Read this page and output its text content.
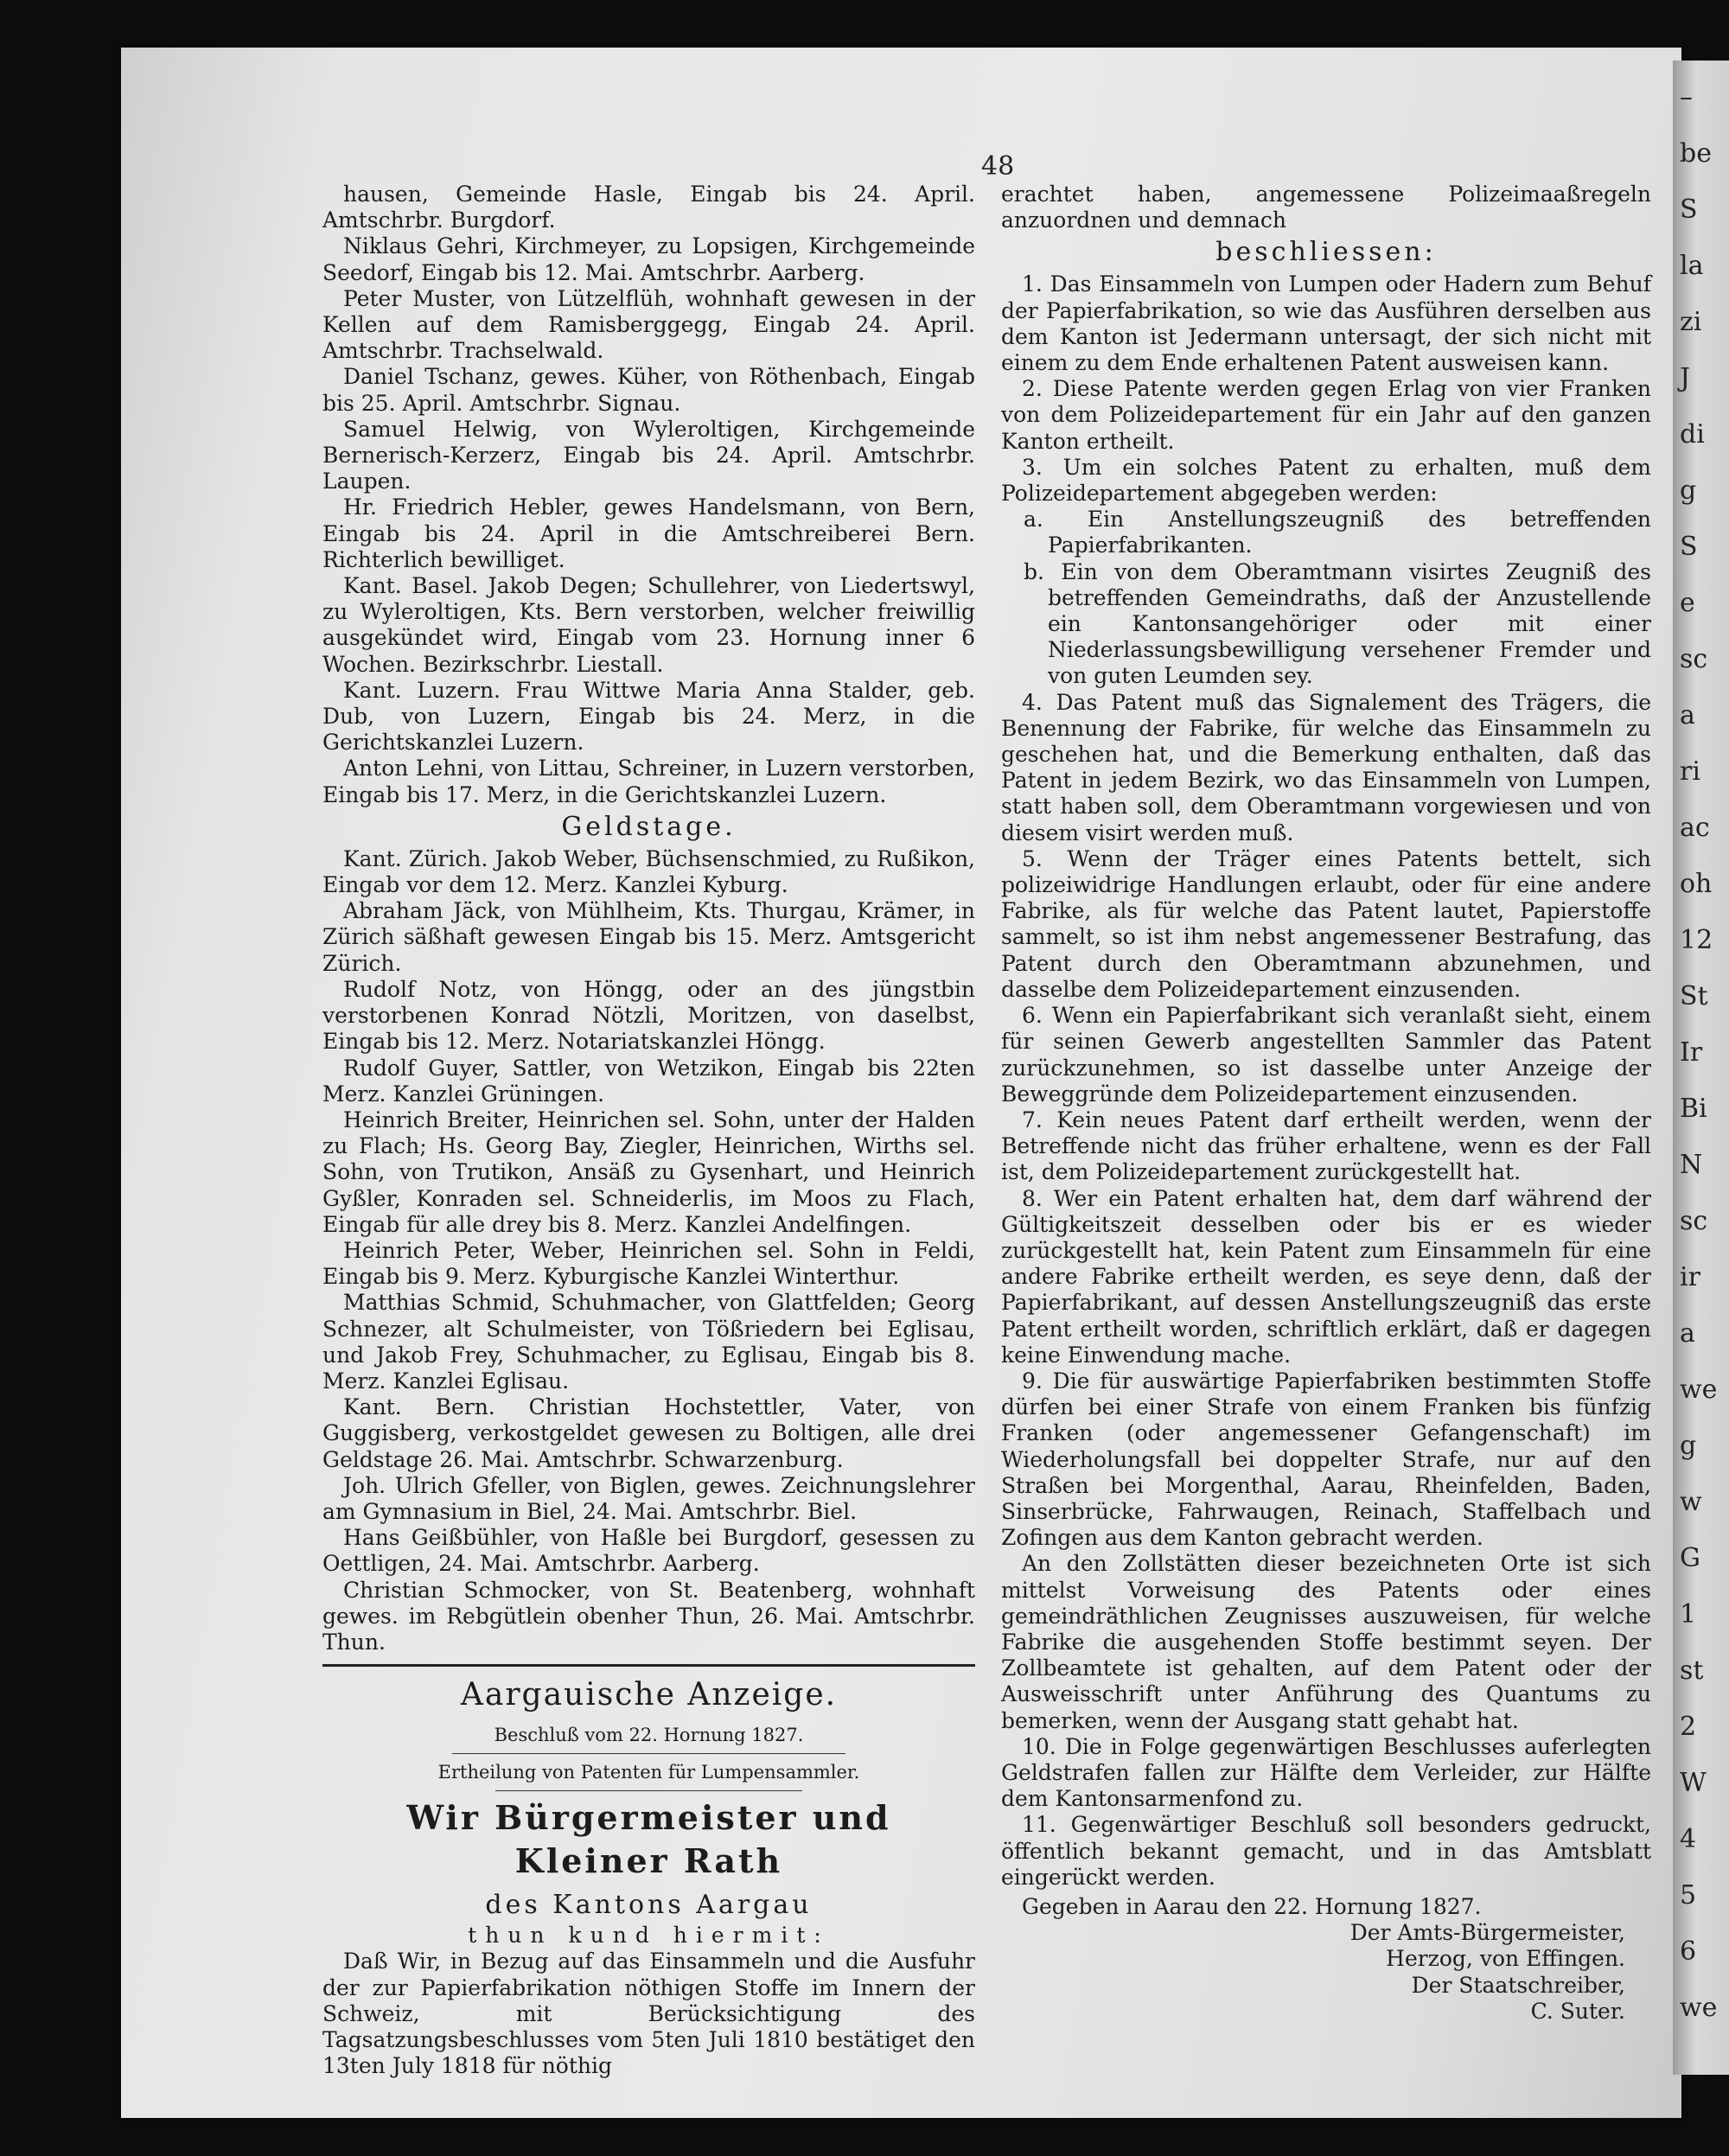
–
be
S
la
zi
J
di
g
S
e
sc
a
ri
ac
oh
12
St
Ir
Bi
N
sc
ir
a
we
g
w
G
1
st
2
W
4
5
6
we
48

hausen, Gemeinde Hasle, Eingab bis 24. April. Amtschrbr. Burgdorf.

Niklaus Gehri, Kirchmeyer, zu Lopsigen, Kirchgemeinde Seedorf, Eingab bis 12. Mai. Amtschrbr. Aarberg.

Peter Muster, von Lützelflüh, wohnhaft gewesen in der Kellen auf dem Ramisberggegg, Eingab 24. April. Amtschrbr. Trachselwald.

Daniel Tschanz, gewes. Küher, von Röthenbach, Eingab bis 25. April. Amtschrbr. Signau.

Samuel Helwig, von Wyleroltigen, Kirchgemeinde Bernerisch-Kerzerz, Eingab bis 24. April. Amtschrbr. Laupen.

Hr. Friedrich Hebler, gewes Handelsmann, von Bern, Eingab bis 24. April in die Amtschreiberei Bern. Richterlich bewilliget.

Kant. Basel. Jakob Degen; Schullehrer, von Liedertswyl, zu Wyleroltigen, Kts. Bern verstorben, welcher freiwillig ausgekündet wird, Eingab vom 23. Hornung inner 6 Wochen. Bezirkschrbr. Liestall.

Kant. Luzern. Frau Wittwe Maria Anna Stalder, geb. Dub, von Luzern, Eingab bis 24. Merz, in die Gerichtskanzlei Luzern.

Anton Lehni, von Littau, Schreiner, in Luzern verstorben, Eingab bis 17. Merz, in die Gerichtskanzlei Luzern.

Geldstage.

Kant. Zürich. Jakob Weber, Büchsenschmied, zu Rußikon, Eingab vor dem 12. Merz. Kanzlei Kyburg.

Abraham Jäck, von Mühlheim, Kts. Thurgau, Krämer, in Zürich säßhaft gewesen Eingab bis 15. Merz. Amtsgericht Zürich.

Rudolf Notz, von Höngg, oder an des jüngstbin verstorbenen Konrad Nötzli, Moritzen, von daselbst, Eingab bis 12. Merz. Notariatskanzlei Höngg.

Rudolf Guyer, Sattler, von Wetzikon, Eingab bis 22ten Merz. Kanzlei Grüningen.

Heinrich Breiter, Heinrichen sel. Sohn, unter der Halden zu Flach; Hs. Georg Bay, Ziegler, Heinrichen, Wirths sel. Sohn, von Trutikon, Ansäß zu Gysenhart, und Heinrich Gyßler, Konraden sel. Schneiderlis, im Moos zu Flach, Eingab für alle drey bis 8. Merz. Kanzlei Andelfingen.

Heinrich Peter, Weber, Heinrichen sel. Sohn in Feldi, Eingab bis 9. Merz. Kyburgische Kanzlei Winterthur.

Matthias Schmid, Schuhmacher, von Glattfelden; Georg Schnezer, alt Schulmeister, von Tößriedern bei Eglisau, und Jakob Frey, Schuhmacher, zu Eglisau, Eingab bis 8. Merz. Kanzlei Eglisau.

Kant. Bern. Christian Hochstettler, Vater, von Guggisberg, verkostgeldet gewesen zu Boltigen, alle drei Geldstage 26. Mai. Amtschrbr. Schwarzenburg.

Joh. Ulrich Gfeller, von Biglen, gewes. Zeichnungslehrer am Gymnasium in Biel, 24. Mai. Amtschrbr. Biel.

Hans Geißbühler, von Haßle bei Burgdorf, gesessen zu Oettligen, 24. Mai. Amtschrbr. Aarberg.

Christian Schmocker, von St. Beatenberg, wohnhaft gewes. im Rebgütlein obenher Thun, 26. Mai. Amtschrbr. Thun.

Aargauische Anzeige.

Beschluß vom 22. Hornung 1827.

Ertheilung von Patenten für Lumpensammler.

Wir Bürgermeister und Kleiner Rath

des Kantons Aargau

thun kund hiermit:

Daß Wir, in Bezug auf das Einsammeln und die Ausfuhr der zur Papierfabrikation nöthigen Stoffe im Innern der Schweiz, mit Berücksichtigung des Tagsatzungsbeschlusses vom 5ten Juli 1810 bestätiget den 13ten July 1818 für nöthig

erachtet haben, angemessene Polizeimaaßregeln anzuordnen und demnach

beschliessen:

1. Das Einsammeln von Lumpen oder Hadern zum Behuf der Papierfabrikation, so wie das Ausführen derselben aus dem Kanton ist Jedermann untersagt, der sich nicht mit einem zu dem Ende erhaltenen Patent ausweisen kann.

2. Diese Patente werden gegen Erlag von vier Franken von dem Polizeidepartement für ein Jahr auf den ganzen Kanton ertheilt.

3. Um ein solches Patent zu erhalten, muß dem Polizeidepartement abgegeben werden:

a. Ein Anstellungszeugniß des betreffenden Papierfabrikanten.

b. Ein von dem Oberamtmann visirtes Zeugniß des betreffenden Gemeindraths, daß der Anzustellende ein Kantonsangehöriger oder mit einer Niederlassungsbewilligung versehener Fremder und von guten Leumden sey.

4. Das Patent muß das Signalement des Trägers, die Benennung der Fabrike, für welche das Einsammeln zu geschehen hat, und die Bemerkung enthalten, daß das Patent in jedem Bezirk, wo das Einsammeln von Lumpen, statt haben soll, dem Oberamtmann vorgewiesen und von diesem visirt werden muß.

5. Wenn der Träger eines Patents bettelt, sich polizeiwidrige Handlungen erlaubt, oder für eine andere Fabrike, als für welche das Patent lautet, Papierstoffe sammelt, so ist ihm nebst angemessener Bestrafung, das Patent durch den Oberamtmann abzunehmen, und dasselbe dem Polizeidepartement einzusenden.

6. Wenn ein Papierfabrikant sich veranlaßt sieht, einem für seinen Gewerb angestellten Sammler das Patent zurückzunehmen, so ist dasselbe unter Anzeige der Beweggründe dem Polizeidepartement einzusenden.

7. Kein neues Patent darf ertheilt werden, wenn der Betreffende nicht das früher erhaltene, wenn es der Fall ist, dem Polizeidepartement zurückgestellt hat.

8. Wer ein Patent erhalten hat, dem darf während der Gültigkeitszeit desselben oder bis er es wieder zurückgestellt hat, kein Patent zum Einsammeln für eine andere Fabrike ertheilt werden, es seye denn, daß der Papierfabrikant, auf dessen Anstellungszeugniß das erste Patent ertheilt worden, schriftlich erklärt, daß er dagegen keine Einwendung mache.

9. Die für auswärtige Papierfabriken bestimmten Stoffe dürfen bei einer Strafe von einem Franken bis fünfzig Franken (oder angemessener Gefangenschaft) im Wiederholungsfall bei doppelter Strafe, nur auf den Straßen bei Morgenthal, Aarau, Rheinfelden, Baden, Sinserbrücke, Fahrwaugen, Reinach, Staffelbach und Zofingen aus dem Kanton gebracht werden.

An den Zollstätten dieser bezeichneten Orte ist sich mittelst Vorweisung des Patents oder eines gemeindräthlichen Zeugnisses auszuweisen, für welche Fabrike die ausgehenden Stoffe bestimmt seyen. Der Zollbeamtete ist gehalten, auf dem Patent oder der Ausweisschrift unter Anführung des Quantums zu bemerken, wenn der Ausgang statt gehabt hat.

10. Die in Folge gegenwärtigen Beschlusses auferlegten Geldstrafen fallen zur Hälfte dem Verleider, zur Hälfte dem Kantonsarmenfond zu.

11. Gegenwärtiger Beschluß soll besonders gedruckt, öffentlich bekannt gemacht, und in das Amtsblatt eingerückt werden.

Gegeben in Aarau den 22. Hornung 1827.

Der Amts-Bürgermeister,

Herzog, von Effingen.

Der Staatschreiber,

C. Suter.
